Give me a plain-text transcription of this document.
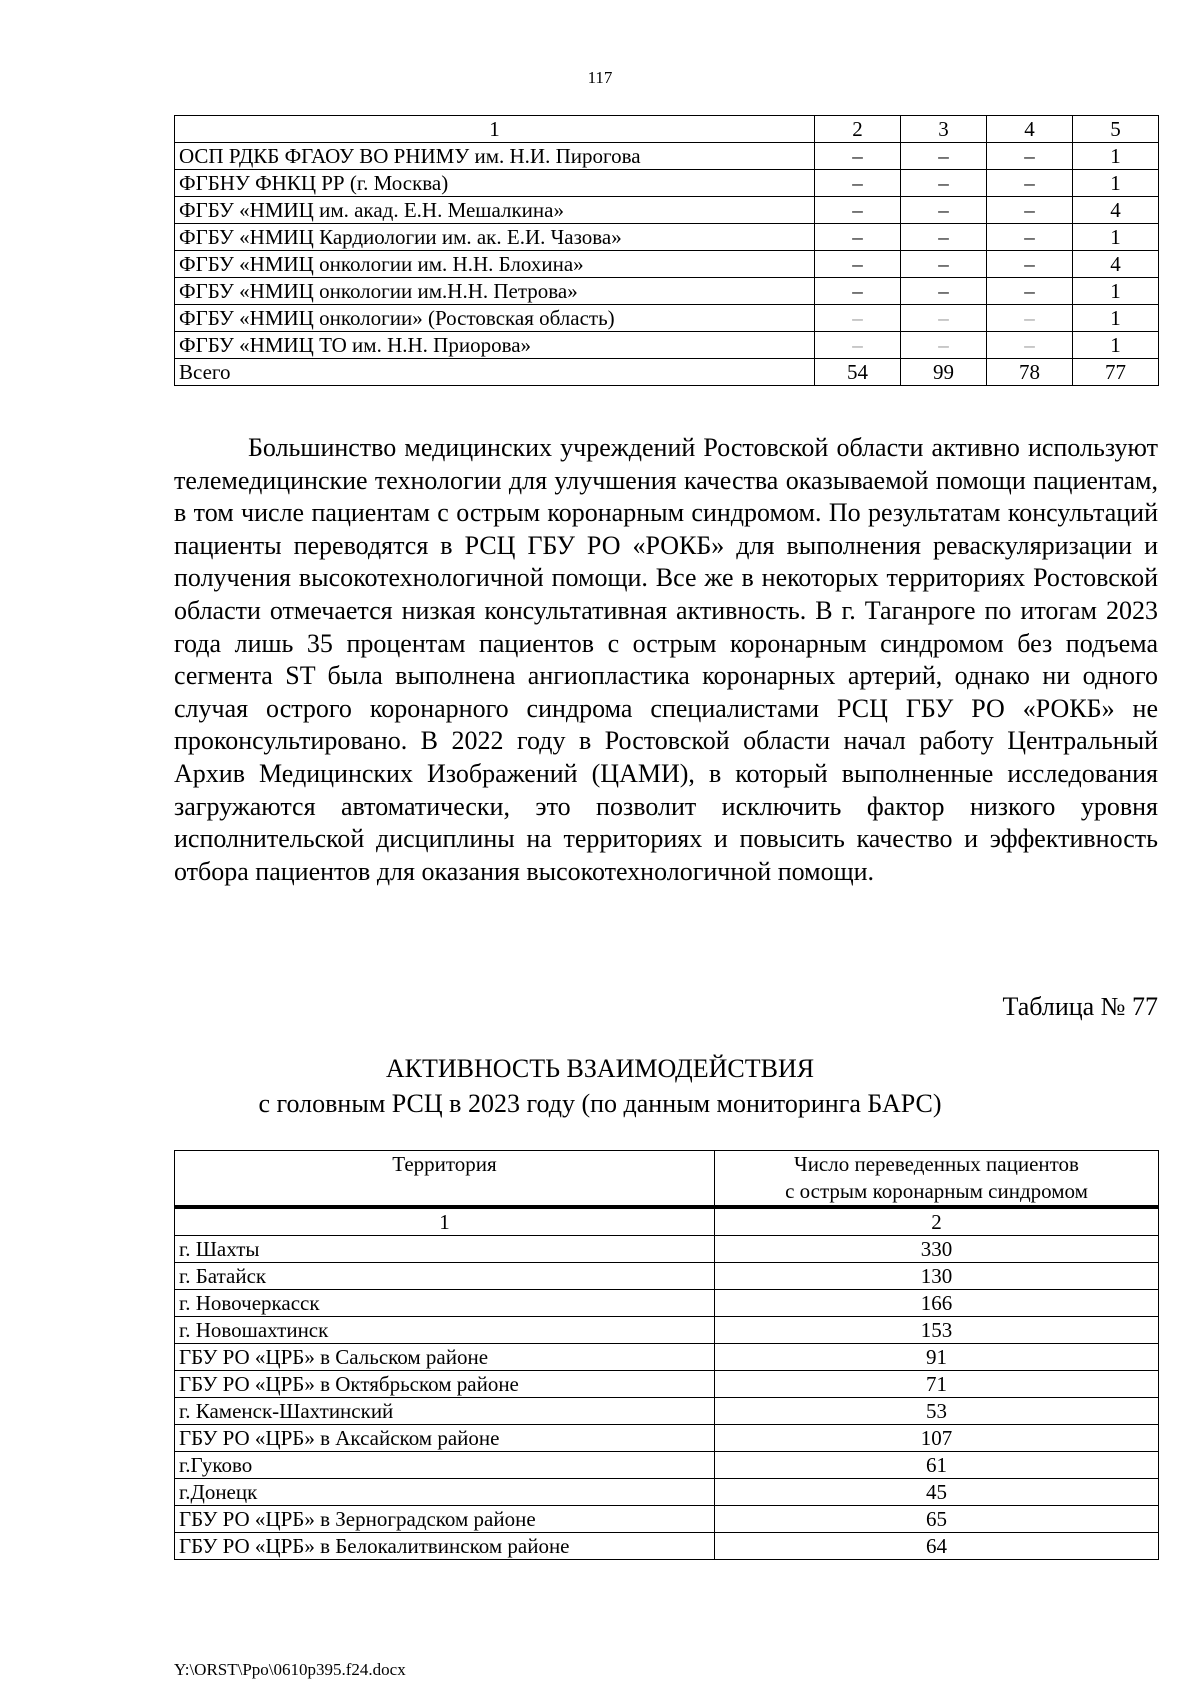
117
1	2	3	4	5
ОСП РДКБ ФГАОУ ВО РНИМУ им. Н.И. Пирогова	–	–	–	1
ФГБНУ ФНКЦ РР (г. Москва)	–	–	–	1
ФГБУ «НМИЦ им. акад. Е.Н. Мешалкина»	–	–	–	4
ФГБУ «НМИЦ Кардиологии им. ак. Е.И. Чазова»	–	–	–	1
ФГБУ «НМИЦ онкологии им. Н.Н. Блохина»	–	–	–	4
ФГБУ «НМИЦ онкологии им.Н.Н. Петрова»	–	–	–	1
ФГБУ «НМИЦ онкологии» (Ростовская область)	–	–	–	1
ФГБУ «НМИЦ ТО им. Н.Н. Приорова»	–	–	–	1
Всего	54	99	78	77

Большинство медицинских учреждений Ростовской области активно используют телемедицинские технологии для улучшения качества оказываемой помощи пациентам, в том числе пациентам с острым коронарным синдромом. По результатам консультаций пациенты переводятся в РСЦ ГБУ РО «РОКБ» для выполнения реваскуляризации и получения высокотехнологичной помощи. Все же в некоторых территориях Ростовской области отмечается низкая консультативная активность. В г. Таганроге по итогам 2023 года лишь 35 процентам пациентов с острым коронарным синдромом без подъема сегмента ST была выполнена ангиопластика коронарных артерий, однако ни одного случая острого коронарного синдрома специалистами РСЦ ГБУ РО «РОКБ» не проконсультировано. В 2022 году в Ростовской области начал работу Центральный Архив Медицинских Изображений (ЦАМИ), в который выполненные исследования загружаются автоматически, это позволит исключить фактор низкого уровня исполнительской дисциплины на территориях и повысить качество и эффективность отбора пациентов для оказания высокотехнологичной помощи.

Таблица № 77
АКТИВНОСТЬ ВЗАИМОДЕЙСТВИЯ
с головным РСЦ в 2023 году (по данным мониторинга БАРС)
Территория	Число переведенных пациентов
с острым коронарным синдромом
1	2
г. Шахты	330
г. Батайск	130
г. Новочеркасск	166
г. Новошахтинск	153
ГБУ РО «ЦРБ» в Сальском районе	91
ГБУ РО «ЦРБ» в Октябрьском районе	71
г. Каменск-Шахтинский	53
ГБУ РО «ЦРБ» в Аксайском районе	107
г.Гуково	61
г.Донецк	45
ГБУ РО «ЦРБ» в Зерноградском районе	65
ГБУ РО «ЦРБ» в Белокалитвинском районе	64
Y:\ORST\Ppo\0610p395.f24.docx
